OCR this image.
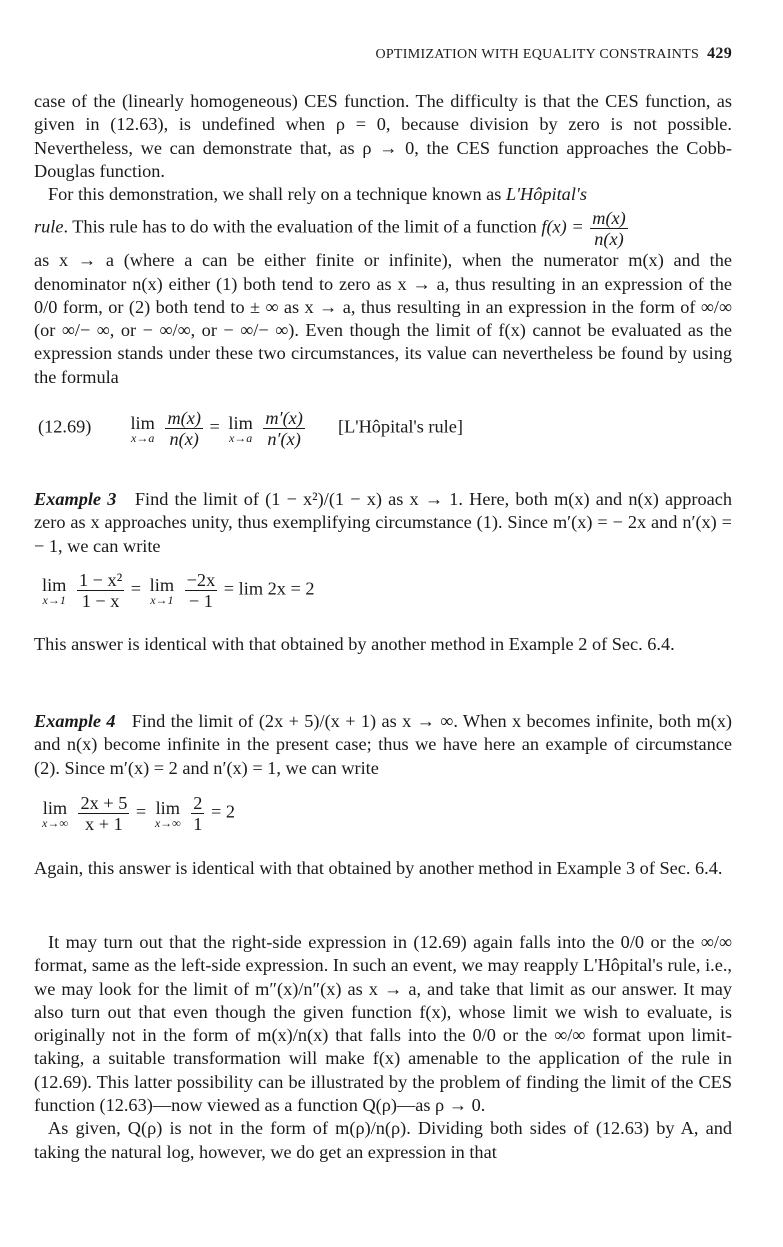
OPTIMIZATION WITH EQUALITY CONSTRAINTS 429

case of the (linearly homogeneous) CES function. The difficulty is that the CES function, as given in (12.63), is undefined when ρ = 0, because division by zero is not possible. Nevertheless, we can demonstrate that, as ρ → 0, the CES function approaches the Cobb-Douglas function.

For this demonstration, we shall rely on a technique known as L'Hôpital's

rule. This rule has to do with the evaluation of the limit of a function $f(x) = \frac{m(x)}{n(x)}$

as x → a (where a can be either finite or infinite), when the numerator m(x) and the denominator n(x) either (1) both tend to zero as x → a, thus resulting in an expression of the 0/0 form, or (2) both tend to ± ∞ as x → a, thus resulting in an expression in the form of ∞/∞ (or ∞/− ∞, or − ∞/∞, or − ∞/− ∞). Even though the limit of f(x) cannot be evaluated as the expression stands under these two circumstances, its value can nevertheless be found by using the formula

(12.69) lim
x→a
$\frac{m(x)}{n(x)} = \lim$
x→a
$\frac{m'(x)}{n'(x)}$ [L'Hôpital's rule]

Example 3 Find the limit of (1 − x²)/(1 − x) as x → 1. Here, both m(x) and n(x) approach zero as x approaches unity, thus exemplifying circumstance (1). Since m′(x) = − 2x and n′(x) = − 1, we can write

lim
x→1
$\frac{\text{1 − x²}}{1 - x} = \lim$
x→1
$\frac{-2x}{- 1} = \lim 2x = 2$

This answer is identical with that obtained by another method in Example 2 of Sec. 6.4.

Example 4 Find the limit of (2x + 5)/(x + 1) as x → ∞. When x becomes infinite, both m(x) and n(x) become infinite in the present case; thus we have here an example of circumstance (2). Since m′(x) = 2 and n′(x) = 1, we can write

lim
x→∞
$\frac{2x + 5}{x + 1} = \lim$
x→∞
$\frac{2}{1} = 2$

Again, this answer is identical with that obtained by another method in Example 3 of Sec. 6.4.

It may turn out that the right-side expression in (12.69) again falls into the 0/0 or the ∞/∞ format, same as the left-side expression. In such an event, we may reapply L'Hôpital's rule, i.e., we may look for the limit of m″(x)/n″(x) as x → a, and take that limit as our answer. It may also turn out that even though the given function f(x), whose limit we wish to evaluate, is originally not in the form of m(x)/n(x) that falls into the 0/0 or the ∞/∞ format upon limit-taking, a suitable transformation will make f(x) amenable to the application of the rule in (12.69). This latter possibility can be illustrated by the problem of finding the limit of the CES function (12.63)—now viewed as a function Q(ρ)—as ρ → 0.

As given, Q(ρ) is not in the form of m(ρ)/n(ρ). Dividing both sides of (12.63) by A, and taking the natural log, however, we do get an expression in that
